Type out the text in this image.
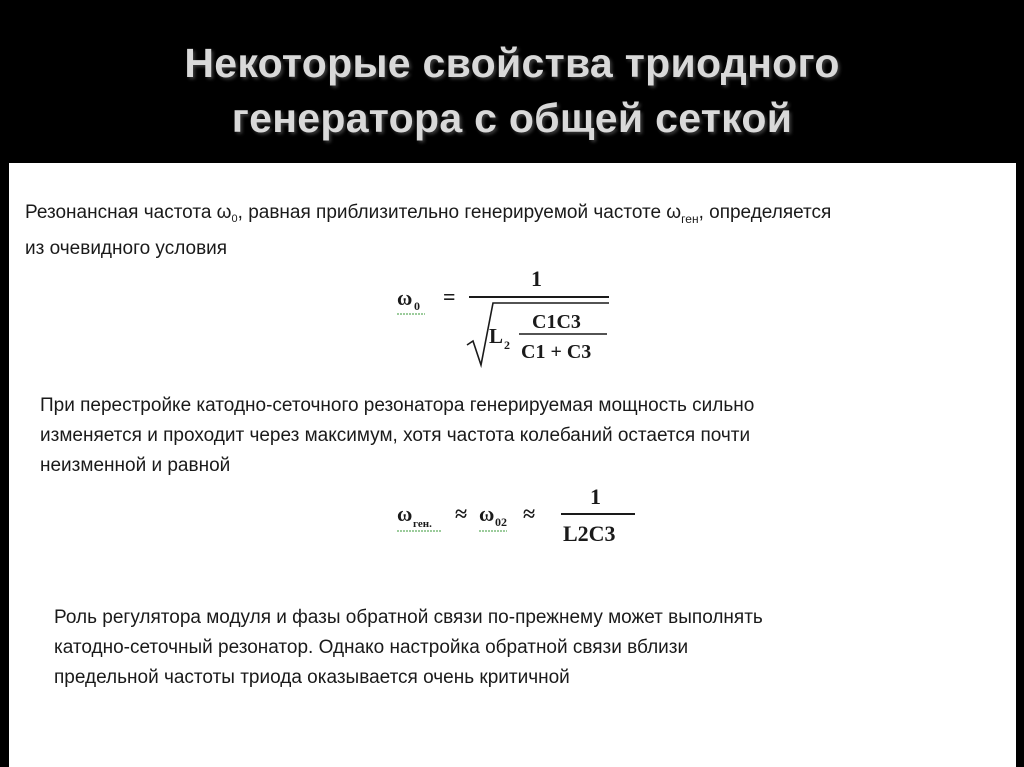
Некоторые свойства триодного
генератора с общей сеткой
Резонансная частота $\omega_0$, равная приблизительно генерируемой частоте $\omega_{ген}$, определяется
из очевидного условия
ω 0 =
1
L 2
C1C3
C1 + C3
При перестройке катодно-сеточного резонатора генерируемая мощность сильно
изменяется и проходит через максимум, хотя частота колебаний остается почти
неизменной и равной
ω ген. ≈ ω 02 ≈
1
L2C3
Роль регулятора модуля и фазы обратной связи по-прежнему может выполнять
катодно-сеточный резонатор. Однако настройка обратной связи вблизи
предельной частоты триода оказывается очень критичной
